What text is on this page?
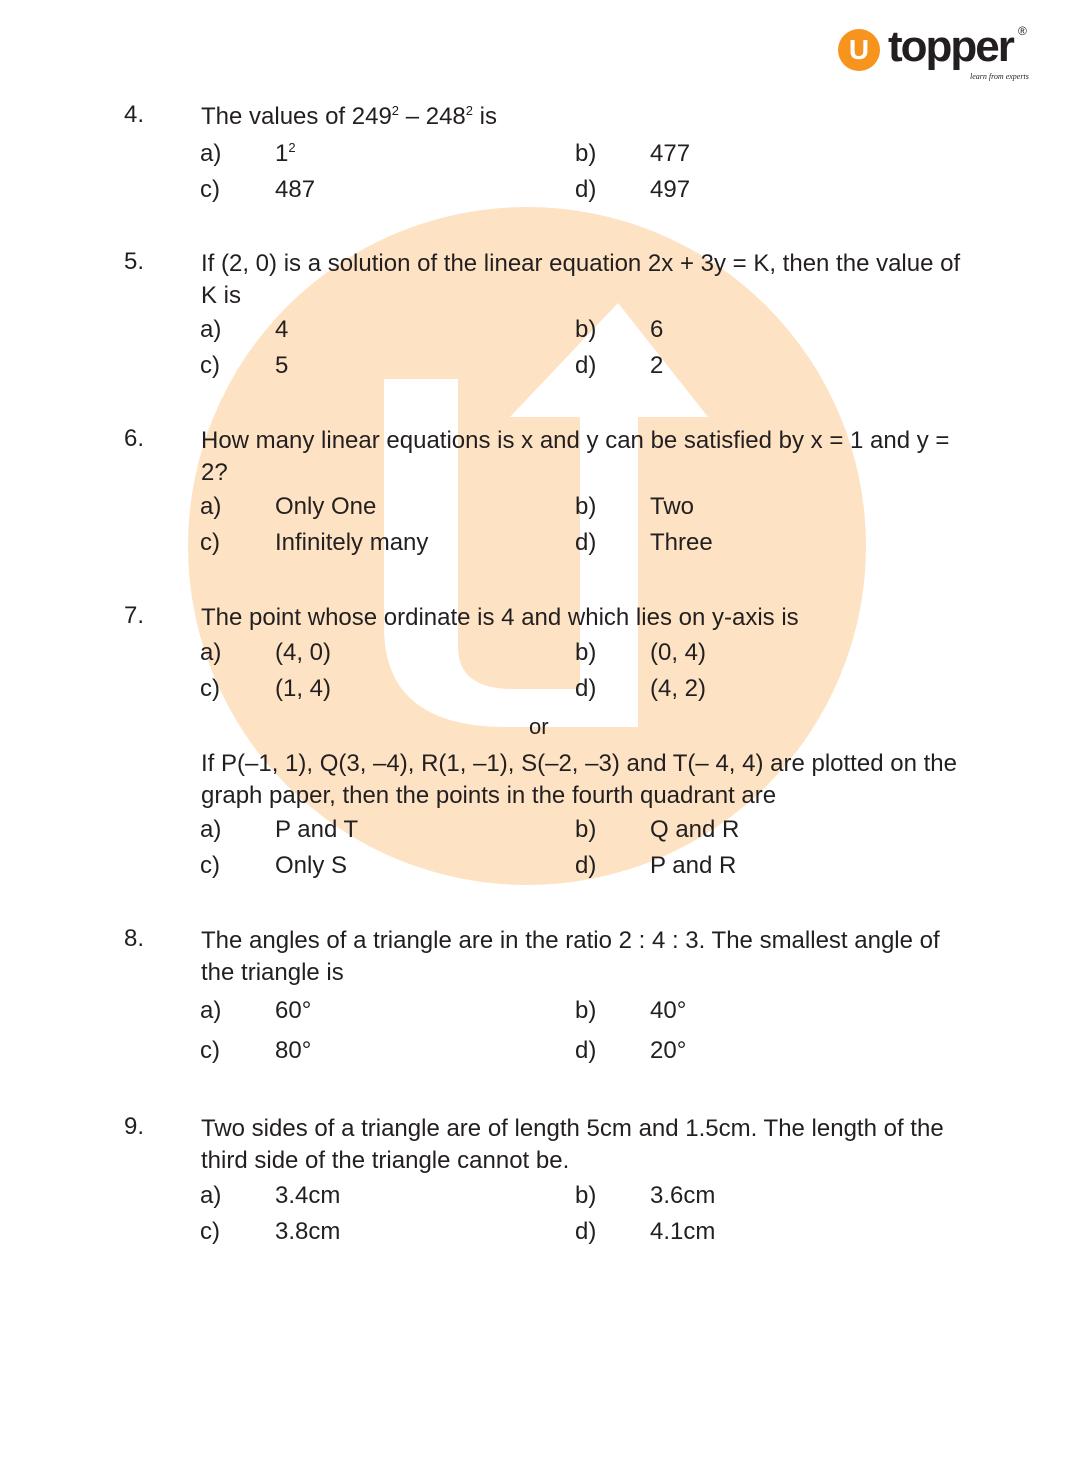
U topper ®
learn from experts
4. The values of $249^2 - 248^2$ is
a) $1^2$	b) 477
c) 487	d) 497
5. If (2, 0) is a solution of the linear equation 2x + 3y = K, then the value of K is
a) 4	b) 6
c) 5	d) 2
6. How many linear equations is x and y can be satisfied by x = 1 and y = 2?
a) Only One	b) Two
c) Infinitely many	d) Three
7. The point whose ordinate is 4 and which lies on y-axis is
a) (4, 0)	b) (0, 4)
c) (1, 4)	d) (4, 2)
or
If P(–1, 1), Q(3, –4), R(1, –1), S(–2, –3) and T(– 4, 4) are plotted on the graph paper, then the points in the fourth quadrant are
a) P and T	b) Q and R
c) Only S	d) P and R
8. The angles of a triangle are in the ratio 2 : 4 : 3. The smallest angle of the triangle is
a) 60°	b) 40°
c) 80°	d) 20°
9. Two sides of a triangle are of length 5cm and 1.5cm. The length of the third side of the triangle cannot be.
a) 3.4cm	b) 3.6cm
c) 3.8cm	d) 4.1cm
